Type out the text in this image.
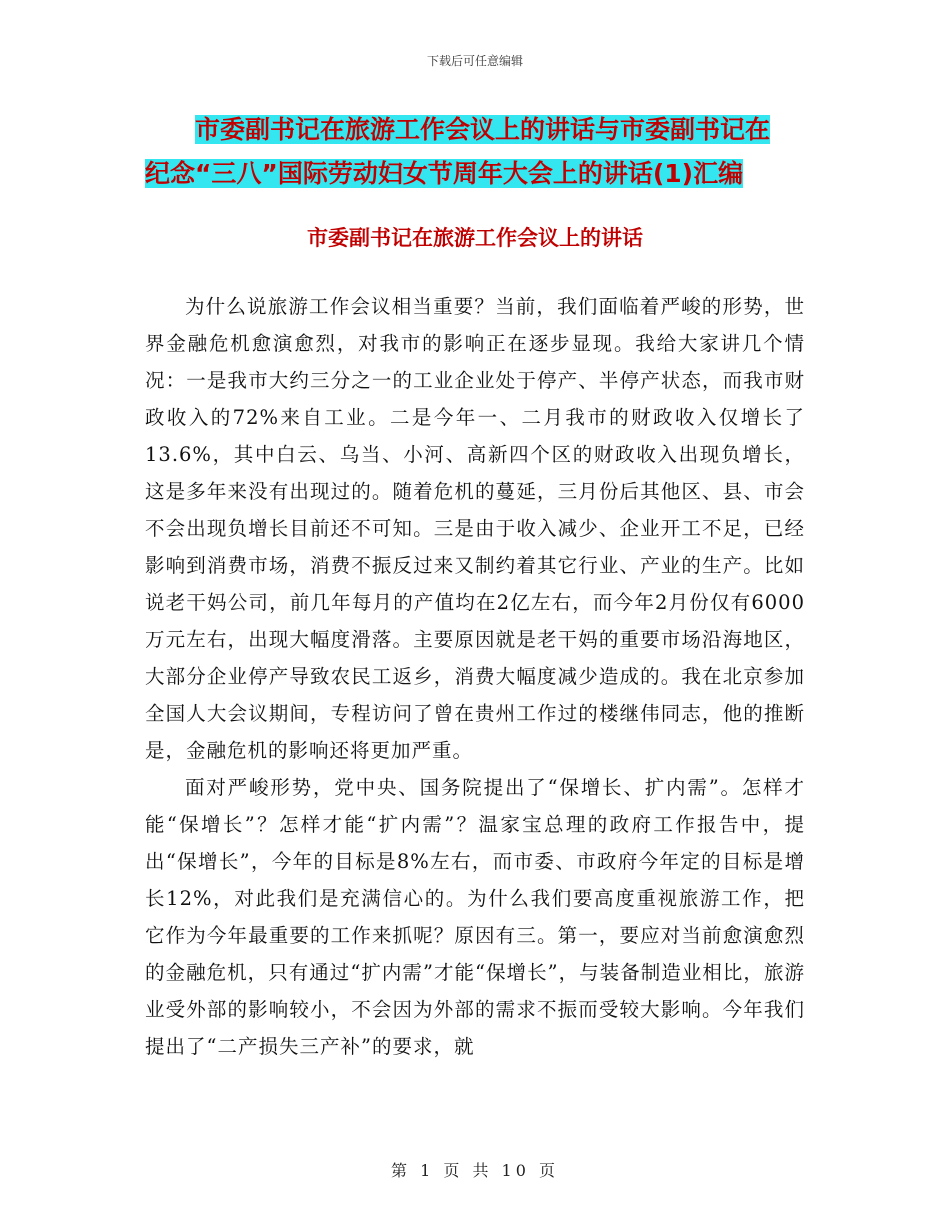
下载后可任意编辑
市委副书记在旅游工作会议上的讲话与市委副书记在
纪念“三八”国际劳动妇女节周年大会上的讲话(1)汇编
市委副书记在旅游工作会议上的讲话

为什么说旅游工作会议相当重要？当前，我们面临着严峻的形势，世界金融危机愈演愈烈，对我市的影响正在逐步显现。我给大家讲几个情况：一是我市大约三分之一的工业企业处于停产、半停产状态，而我市财政收入的72%来自工业。二是今年一、二月我市的财政收入仅增长了13.6%，其中白云、乌当、小河、高新四个区的财政收入出现负增长，这是多年来没有出现过的。随着危机的蔓延，三月份后其他区、县、市会不会出现负增长目前还不可知。三是由于收入减少、企业开工不足，已经影响到消费市场，消费不振反过来又制约着其它行业、产业的生产。比如说老干妈公司，前几年每月的产值均在2亿左右，而今年2月份仅有6000万元左右，出现大幅度滑落。主要原因就是老干妈的重要市场沿海地区，大部分企业停产导致农民工返乡，消费大幅度减少造成的。我在北京参加全国人大会议期间，专程访问了曾在贵州工作过的楼继伟同志，他的推断是，金融危机的影响还将更加严重。

面对严峻形势，党中央、国务院提出了“保增长、扩内需”。怎样才能“保增长”？怎样才能“扩内需”？温家宝总理的政府工作报告中，提出“保增长”，今年的目标是8%左右，而市委、市政府今年定的目标是增长12%，对此我们是充满信心的。为什么我们要高度重视旅游工作，把它作为今年最重要的工作来抓呢？原因有三。第一，要应对当前愈演愈烈的金融危机，只有通过“扩内需”才能“保增长”，与装备制造业相比，旅游业受外部的影响较小，不会因为外部的需求不振而受较大影响。今年我们提出了“二产损失三产补”的要求，就

第 1 页 共 10 页
